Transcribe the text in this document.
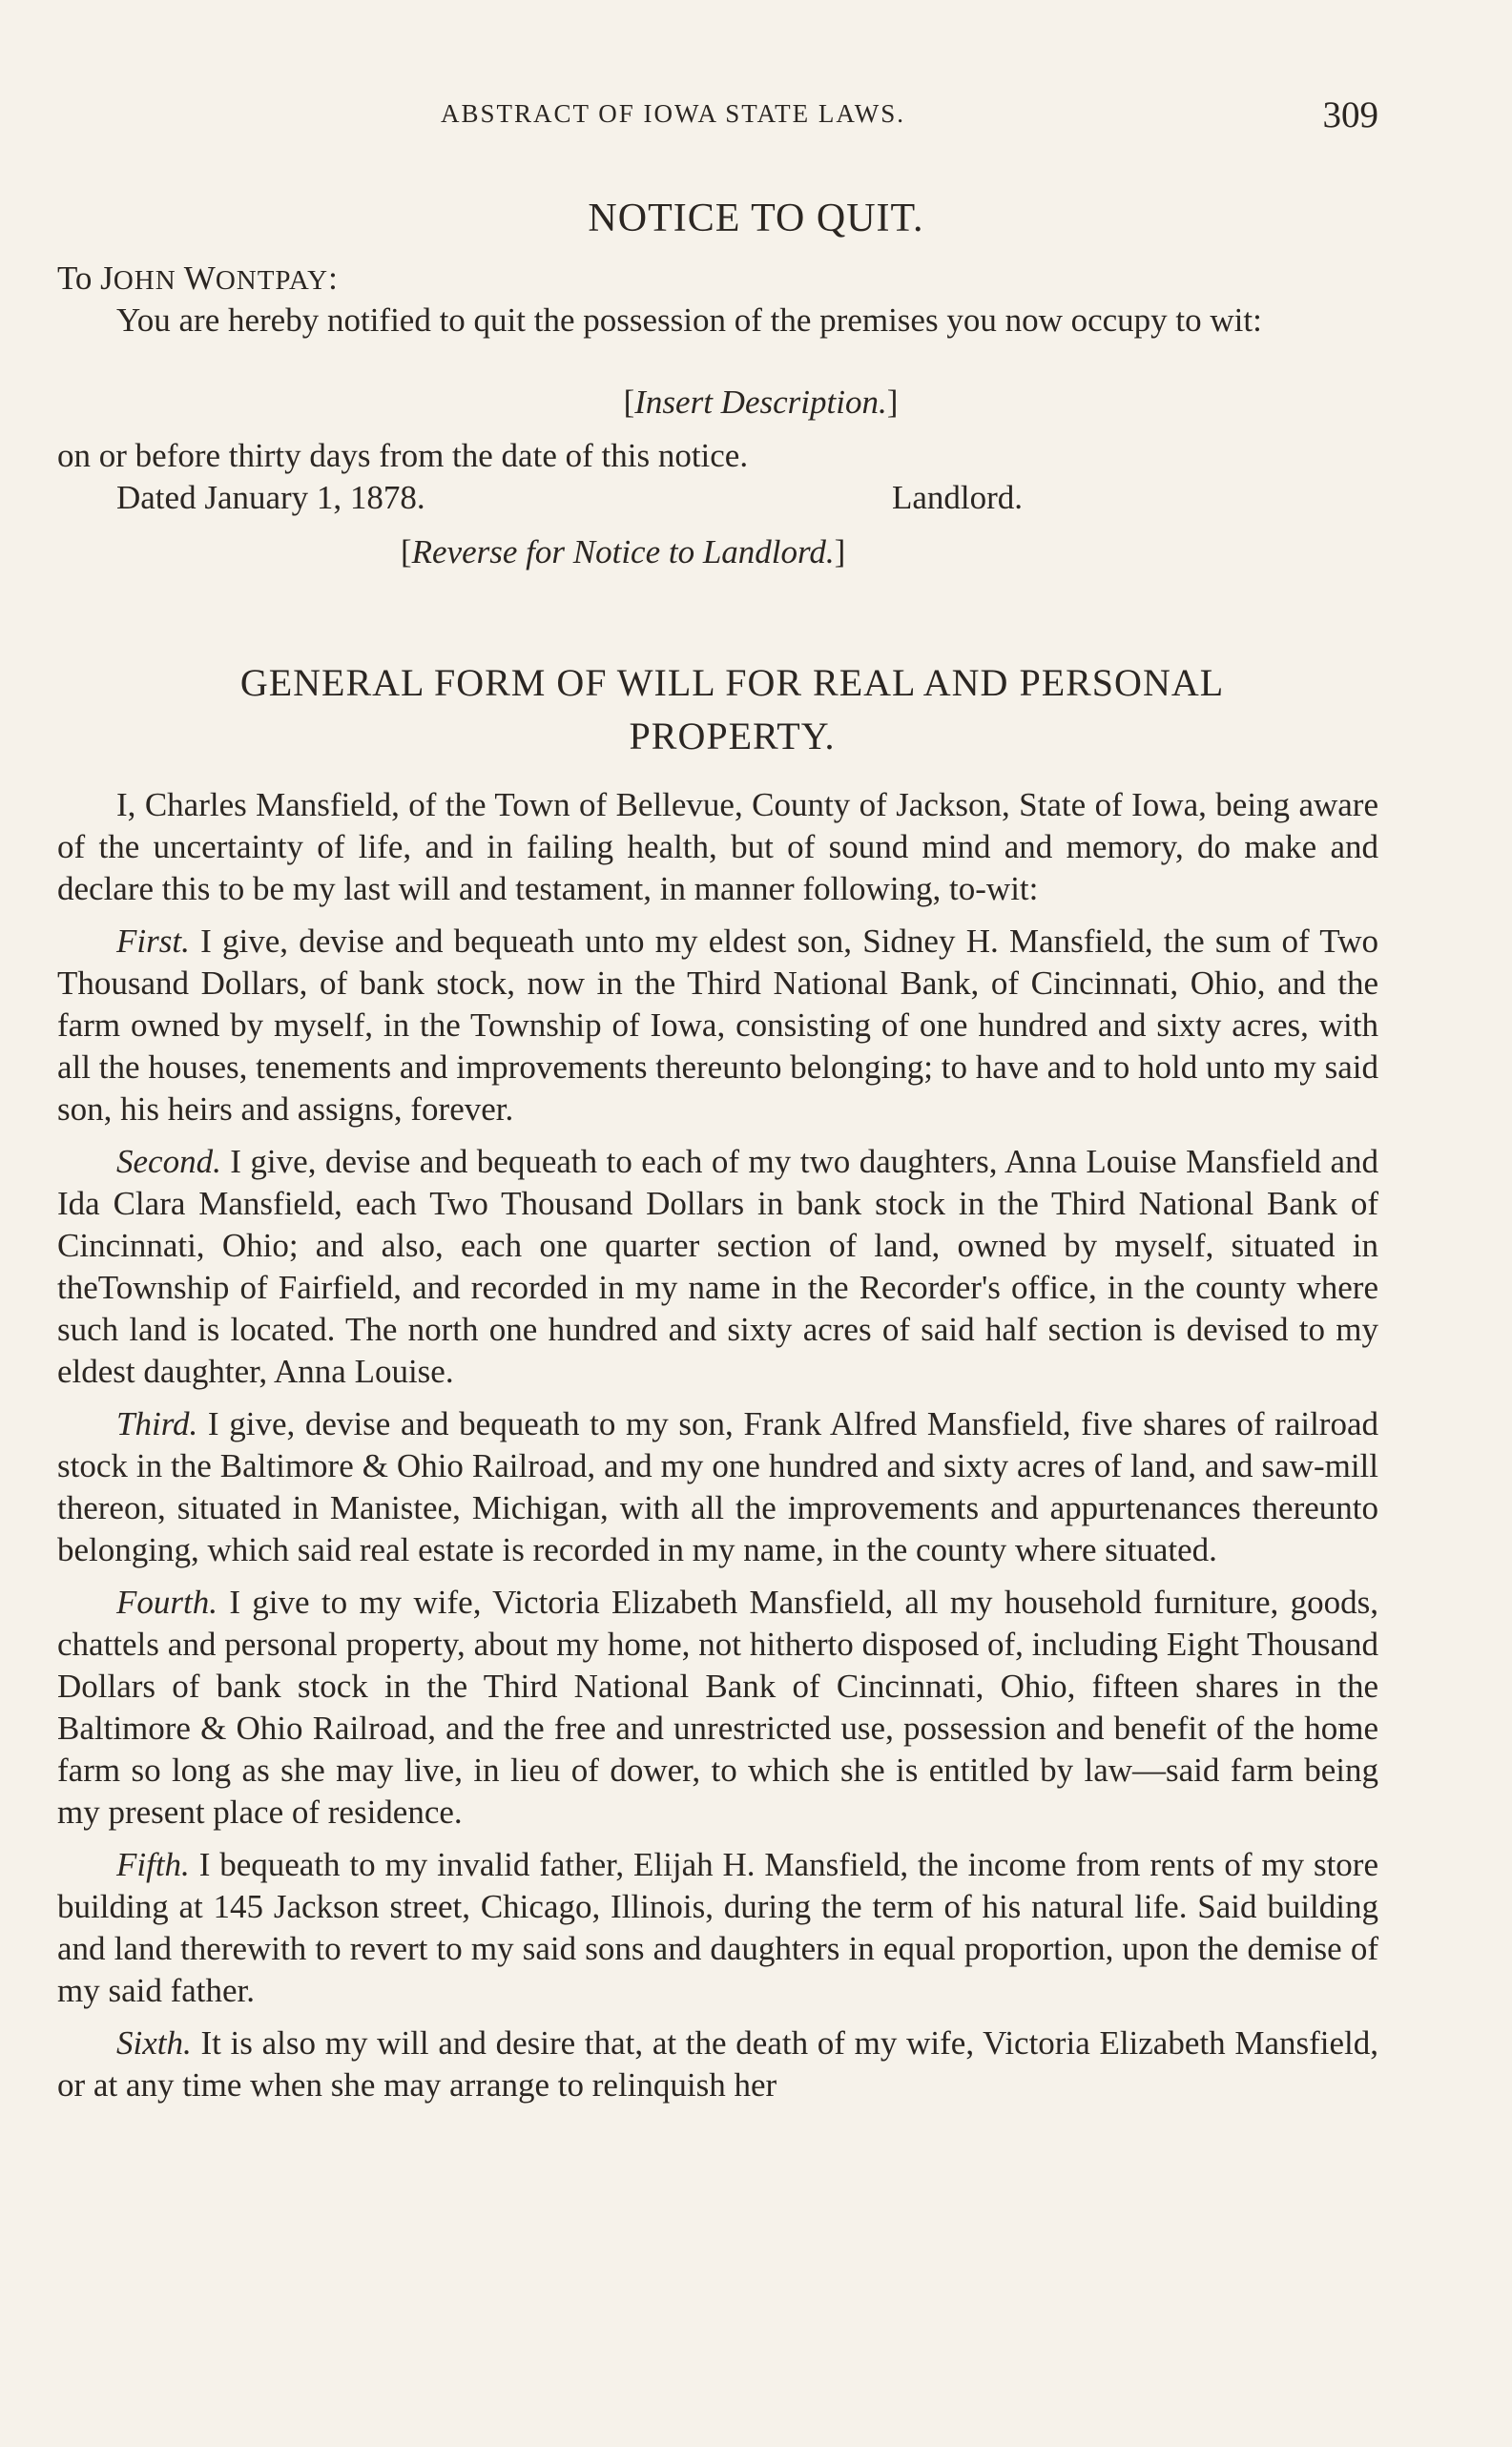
ABSTRACT OF IOWA STATE LAWS.	309
NOTICE TO QUIT.
To JOHN WONTPAY:
You are hereby notified to quit the possession of the premises you now occupy to wit:
[Insert Description.]
on or before thirty days from the date of this notice.
Dated January 1, 1878.	Landlord.
[Reverse for Notice to Landlord.]
GENERAL FORM OF WILL FOR REAL AND PERSONAL
PROPERTY.

I, Charles Mansfield, of the Town of Bellevue, County of Jackson, State of Iowa, being aware of the uncertainty of life, and in failing health, but of sound mind and memory, do make and declare this to be my last will and testament, in manner following, to-wit:

First. I give, devise and bequeath unto my eldest son, Sidney H. Mansfield, the sum of Two Thousand Dollars, of bank stock, now in the Third National Bank, of Cincinnati, Ohio, and the farm owned by myself, in the Township of Iowa, consisting of one hundred and sixty acres, with all the houses, tenements and improvements thereunto belonging; to have and to hold unto my said son, his heirs and assigns, forever.

Second. I give, devise and bequeath to each of my two daughters, Anna Louise Mansfield and Ida Clara Mansfield, each Two Thousand Dollars in bank stock in the Third National Bank of Cincinnati, Ohio; and also, each one quarter section of land, owned by myself, situated in theTownship of Fairfield, and recorded in my name in the Recorder's office, in the county where such land is located. The north one hundred and sixty acres of said half section is devised to my eldest daughter, Anna Louise.

Third. I give, devise and bequeath to my son, Frank Alfred Mansfield, five shares of railroad stock in the Baltimore & Ohio Railroad, and my one hundred and sixty acres of land, and saw-mill thereon, situated in Manistee, Michigan, with all the improvements and appurtenances thereunto belonging, which said real estate is recorded in my name, in the county where situated.

Fourth. I give to my wife, Victoria Elizabeth Mansfield, all my household furniture, goods, chattels and personal property, about my home, not hitherto disposed of, including Eight Thousand Dollars of bank stock in the Third National Bank of Cincinnati, Ohio, fifteen shares in the Baltimore & Ohio Railroad, and the free and unrestricted use, possession and benefit of the home farm so long as she may live, in lieu of dower, to which she is entitled by law—said farm being my present place of residence.

Fifth. I bequeath to my invalid father, Elijah H. Mansfield, the income from rents of my store building at 145 Jackson street, Chicago, Illinois, during the term of his natural life. Said building and land therewith to revert to my said sons and daughters in equal proportion, upon the demise of my said father.

Sixth. It is also my will and desire that, at the death of my wife, Victoria Elizabeth Mansfield, or at any time when she may arrange to relinquish her
